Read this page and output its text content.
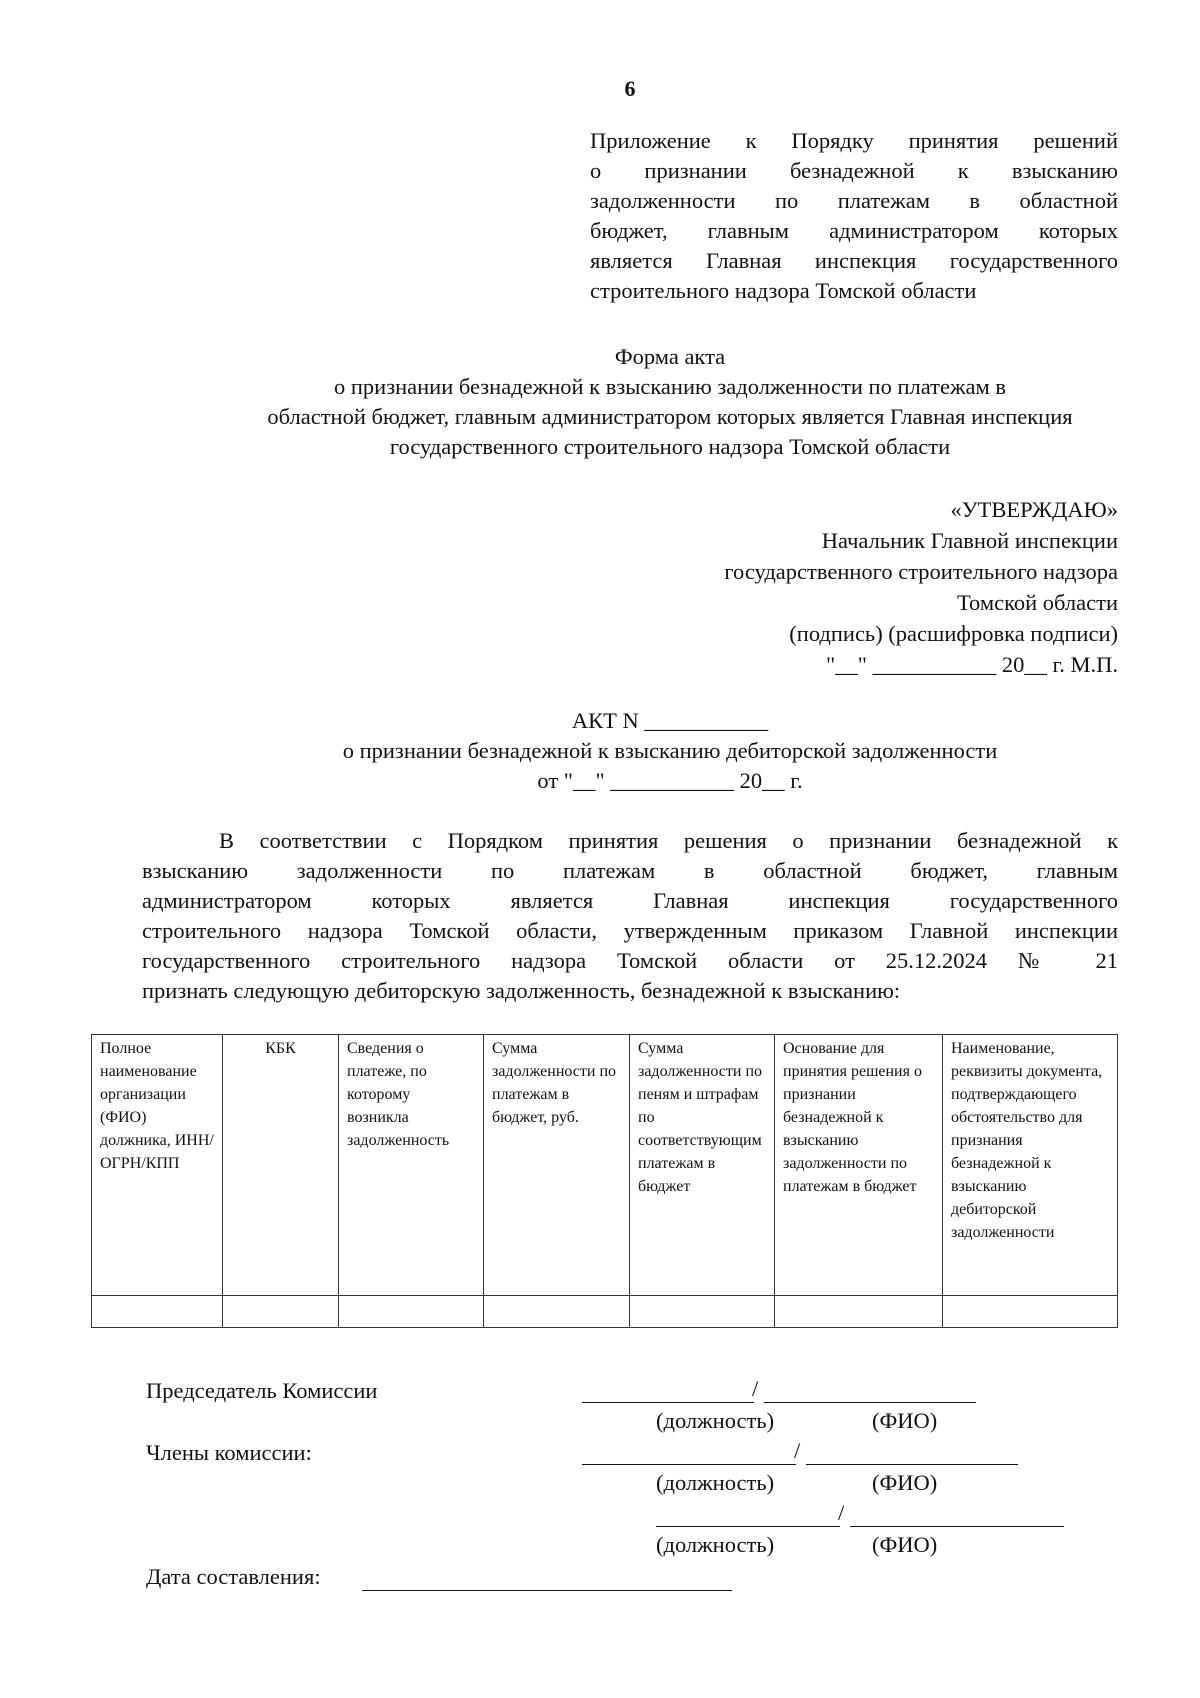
6
Приложение к Порядку принятия решений
о признании безнадежной к взысканию
задолженности по платежам в областной
бюджет, главным администратором которых
является Главная инспекция государственного
строительного надзора Томской области
Форма акта
о признании безнадежной к взысканию задолженности по платежам в
областной бюджет, главным администратором которых является Главная инспекция
государственного строительного надзора Томской области
«УТВЕРЖДАЮ»
Начальник Главной инспекции
государственного строительного надзора
Томской области
(подпись) (расшифровка подписи)
"__" ___________ 20__ г. М.П.
АКТ N ___________
о признании безнадежной к взысканию дебиторской задолженности
от "__" ___________ 20__ г.
В соответствии с Порядком принятия решения о признании безнадежной к
взысканию задолженности по платежам в областной бюджет, главным
администратором которых является Главная инспекция государственного
строительного надзора Томской области, утвержденным приказом Главной инспекции
государственного строительного надзора Томской области от 25.12.2024 № 21
признать следующую дебиторскую задолженность, безнадежной к взысканию:
Полное наименование организации (ФИО) должника, ИНН/ОГРН/КПП	КБК	Сведения о платеже, по которому возникла задолженность	Сумма задолженности по платежам в бюджет, руб.	Сумма задолженности по пеням и штрафам по соответствующим платежам в бюджет	Основание для принятия решения о признании безнадежной к взысканию задолженности по платежам в бюджет	Наименование, реквизиты документа, подтверждающего обстоятельство для признания безнадежной к взысканию дебиторской задолженности

Председатель Комиссии	/
(должность)	(ФИО)
Члены комиссии:	/
(должность)	(ФИО)
/
(должность)	(ФИО)
Дата составления:
